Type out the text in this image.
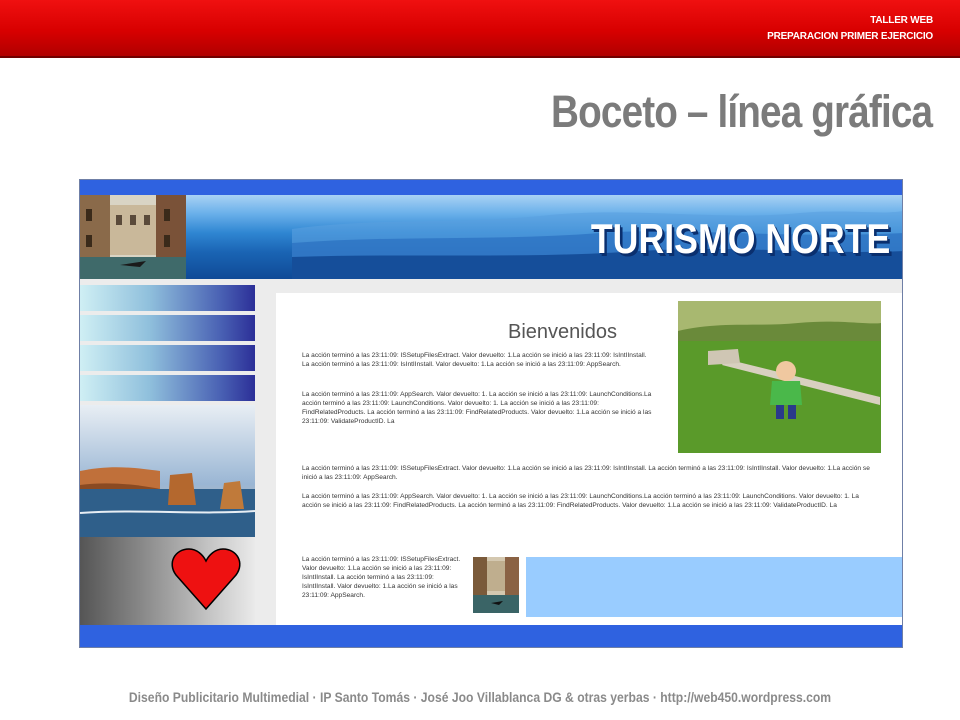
TALLER WEB
PREPARACION PRIMER EJERCICIO
Boceto – línea gráfica
TURISMO NORTE
Bienvenidos
La acción terminó a las 23:11:09: ISSetupFilesExtract. Valor devuelto: 1.La acción se inició a las 23:11:09: IsIntIInstall. La acción terminó a las 23:11:09: IsIntIInstall. Valor devuelto: 1.La acción se inició a las 23:11:09: AppSearch.
La acción terminó a las 23:11:09: AppSearch. Valor devuelto: 1. La acción se inició a las 23:11:09: LaunchConditions.La acción terminó a las 23:11:09: LaunchConditions. Valor devuelto: 1. La acción se inició a las 23:11:09: FindRelatedProducts. La acción terminó a las 23:11:09: FindRelatedProducts. Valor devuelto: 1.La acción se inició a las 23:11:09: ValidateProductID. La
La acción terminó a las 23:11:09: ISSetupFilesExtract. Valor devuelto: 1.La acción se inició a las 23:11:09: IsIntIInstall. La acción terminó a las 23:11:09: IsIntIInstall. Valor devuelto: 1.La acción se inició a las 23:11:09: AppSearch.
La acción terminó a las 23:11:09: AppSearch. Valor devuelto: 1. La acción se inició a las 23:11:09: LaunchConditions.La acción terminó a las 23:11:09: LaunchConditions. Valor devuelto: 1. La acción se inició a las 23:11:09: FindRelatedProducts. La acción terminó a las 23:11:09: FindRelatedProducts. Valor devuelto: 1.La acción se inició a las 23:11:09: ValidateProductID. La
La acción terminó a las 23:11:09: ISSetupFilesExtract. Valor devuelto: 1.La acción se inició a las 23:11:09: IsIntIInstall. La acción terminó a las 23:11:09: IsIntIInstall. Valor devuelto: 1.La acción se inició a las 23:11:09: AppSearch.
Diseño Publicitario Multimedial · IP Santo Tomás · José Joo Villablanca DG & otras yerbas · http://web450.wordpress.com
